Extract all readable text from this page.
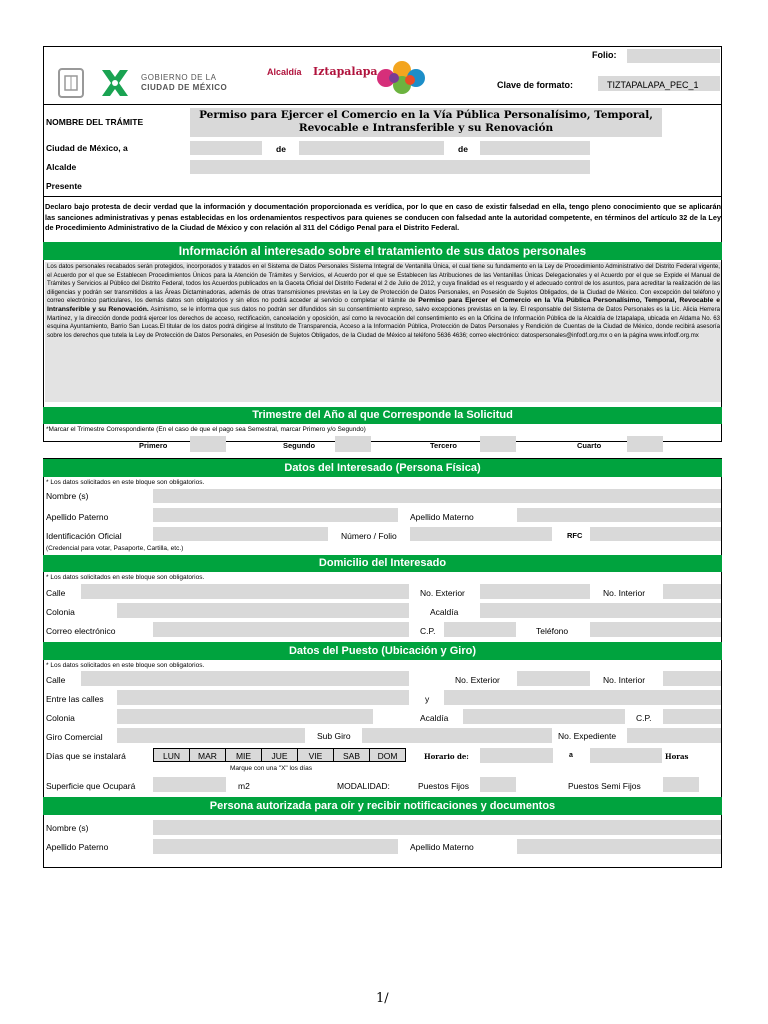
Folio:
GOBIERNO DE LA
CIUDAD DE MÉXICO
Alcaldía Iztapalapa
Clave de formato:	TIZTAPALAPA_PEC_1
NOMBRE DEL TRÁMITE
Permiso para Ejercer el Comercio en la Vía Pública Personalísimo, Temporal, Revocable e Intransferible y su Renovación
Ciudad de México, a	de	de
Alcalde
Presente
Declaro bajo protesta de decir verdad que la información y documentación proporcionada es verídica, por lo que en caso de existir falsedad en ella, tengo pleno conocimiento que se aplicarán las sanciones administrativas y penas establecidas en los ordenamientos respectivos para quienes se conducen con falsedad ante la autoridad competente, en términos del artículo 32 de la Ley de Procedimiento Administrativo de la Ciudad de México y con relación al 311 del Código Penal para el Distrito Federal.
Información al interesado sobre el tratamiento de sus datos personales
Los datos personales recabados serán protegidos, incorporados y tratados en el Sistema de Datos Personales Sistema Integral de Ventanilla Única, el cual tiene su fundamento en la Ley de Procedimiento Administrativo del Distrito Federal vigente, el Acuerdo por el que se Establecen Procedimientos Únicos para la Atención de Trámites y Servicios, el Acuerdo por el que se Establecen las Atribuciones de las Ventanillas Únicas Delegacionales y el Acuerdo por el que se Expide el Manual de Trámites y Servicios al Público del Distrito Federal, todos los Acuerdos publicados en la Gaceta Oficial del Distrito Federal el 2 de Julio de 2012, y cuya finalidad es el resguardo y el adecuado control de los asuntos, para acreditar la realización de las diligencias y podrán ser transmitidos a las Áreas Dictaminadoras, además de otras transmisiones previstas en la Ley de Protección de Datos Personales, en Posesión de Sujetos Obligados, de la Ciudad de México. Con excepción del teléfono y correo electrónico particulares, los demás datos son obligatorios y sin ellos no podrá acceder al servicio o completar el trámite de Permiso para Ejercer el Comercio en la Vía Pública Personalísimo, Temporal, Revocable e Intransferible y su Renovación. Asimismo, se le informa que sus datos no podrán ser difundidos sin su consentimiento expreso, salvo excepciones previstas en la ley. El responsable del Sistema de Datos Personales es la Lic. Alicia Herrera Martínez, y la dirección donde podrá ejercer los derechos de acceso, rectificación, cancelación y oposición, así como la revocación del consentimiento es en la Oficina de Información Pública de la Alcaldía de Iztapalapa, ubicada en Aldama No. 63 esquina Ayuntamiento, Barrio San Lucas.El titular de los datos podrá dirigirse al Instituto de Transparencia, Acceso a la Información Pública, Protección de Datos Personales y Rendición de Cuentas de la Ciudad de México, donde recibirá asesoría sobre los derechos que tutela la Ley de Protección de Datos Personales, en Posesión de Sujetos Obligados, de la Ciudad de México al teléfono 5636 4636; correo electrónico: datospersonales@infodf.org.mx o en la página www.infodf.org.mx
Trimestre del Año al que Corresponde la Solicitud
*Marcar el Trimestre Correspondiente (En el caso de que el pago sea Semestral, marcar Primero y/o Segundo)
Primero	Segundo	Tercero	Cuarto
Datos del Interesado (Persona Física)
* Los datos solicitados en este bloque son obligatorios.
Nombre (s)
Apellido Paterno	Apellido Materno
Identificación Oficial	Número / Folio	RFC
(Credencial para votar, Pasaporte, Cartilla, etc.)
Domicilio del Interesado
* Los datos solicitados en este bloque son obligatorios.
Calle	No. Exterior	No. Interior
Colonia	Acaldía
Correo electrónico	C.P.	Teléfono
Datos del Puesto (Ubicación y Giro)
* Los datos solicitados en este bloque son obligatorios.
Calle	No. Exterior	No. Interior
Entre las calles	y
Colonia	Acaldía	C.P.
Giro Comercial	Sub Giro	No. Expediente
Días que se instalará	LUN	MAR	MIE	JUE	VIE	SAB	DOM	Horario de:	a	Horas
Marque con una "X" los días
Superficie que Ocupará	m2	MODALIDAD:	Puestos Fijos	Puestos Semi Fijos
Persona autorizada para oír y recibir notificaciones y documentos
Nombre (s)
Apellido Paterno	Apellido Materno
1/
